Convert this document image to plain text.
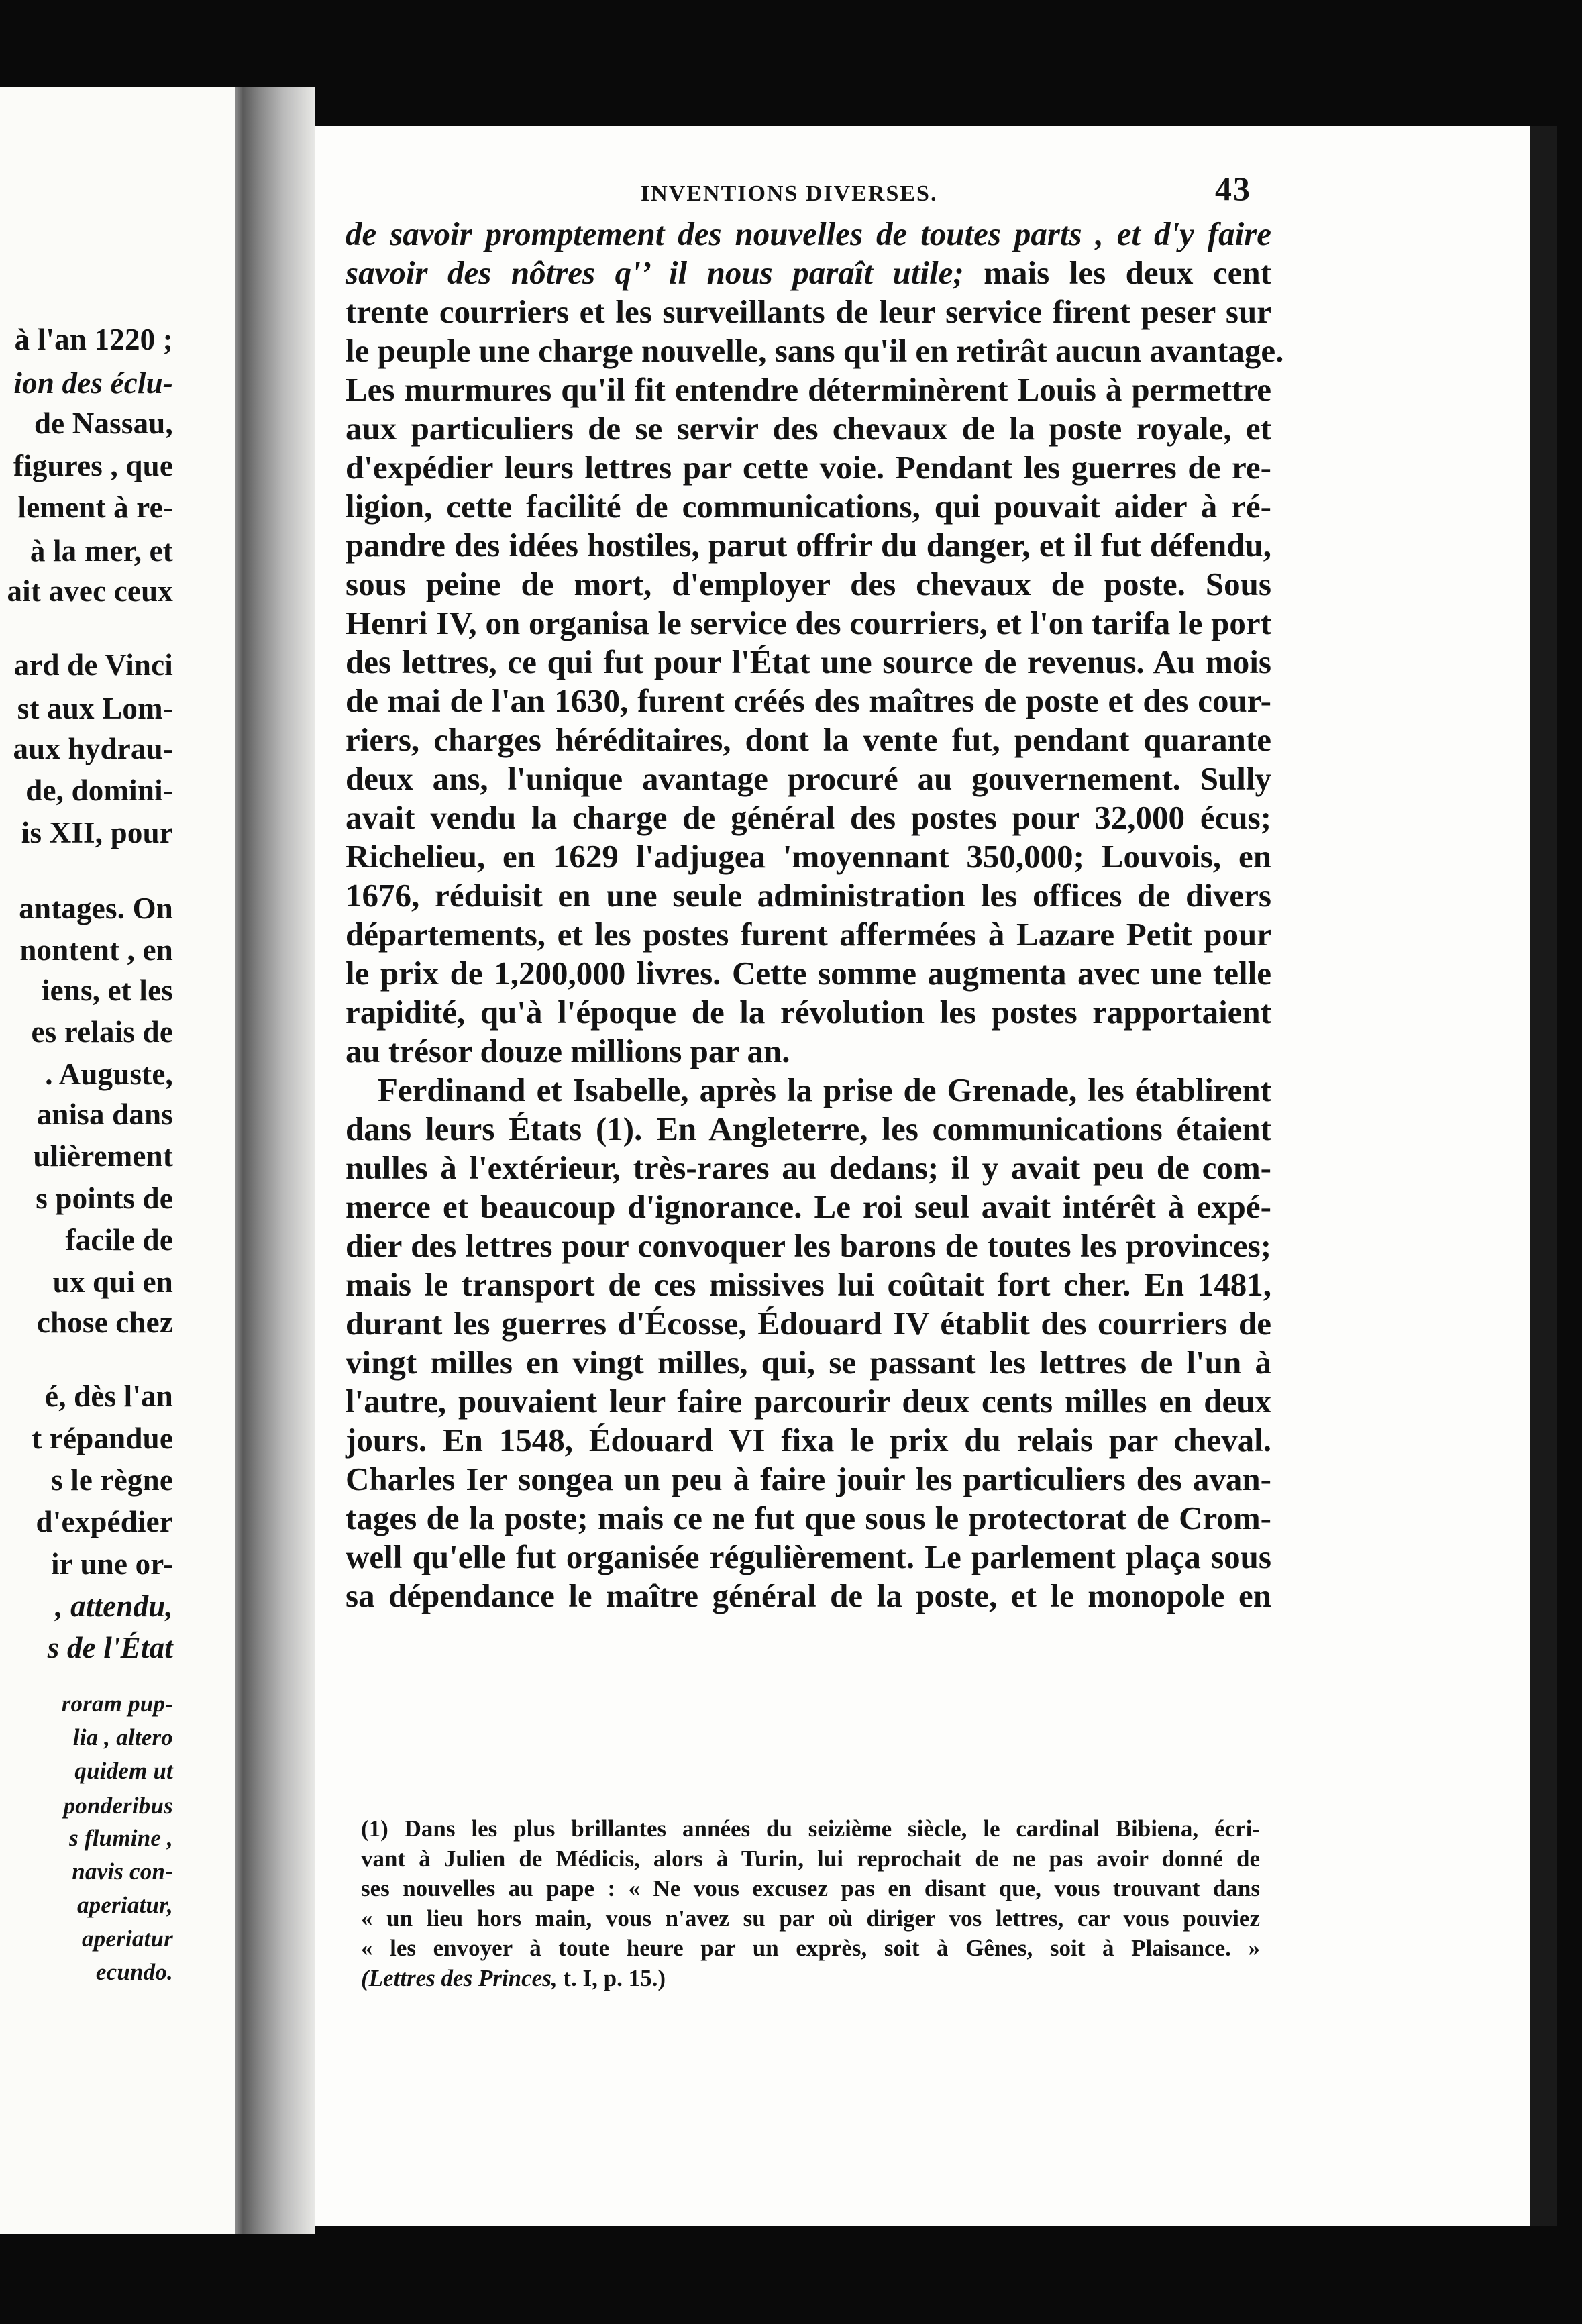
à l'an 1220 ;
ion des éclu-
de Nassau,
figures , que
lement à re-
à la mer, et
ait avec ceux
ard de Vinci
st aux Lom-
aux hydrau-
de, domini-
is XII, pour
antages. On
nontent , en
iens, et les
es relais de
. Auguste,
anisa dans
ulièrement
s points de
facile de
ux qui en
chose chez
é, dès l'an
t répandue
s le règne
d'expédier
ir une or-
, attendu,
s de l'État
roram pup-
lia , altero
quidem ut
ponderibus
s flumine ,
navis con-
aperiatur,
aperiatur
ecundo.
INVENTIONS DIVERSES.	43
de savoir promptement des nouvelles de toutes parts , et d'y faire
savoir des nôtres q'’ il nous paraît utile; mais les deux cent
trente courriers et les surveillants de leur service firent peser sur
le peuple une charge nouvelle, sans qu'il en retirât aucun avantage.
Les murmures qu'il fit entendre déterminèrent Louis à permettre
aux particuliers de se servir des chevaux de la poste royale, et
d'expédier leurs lettres par cette voie. Pendant les guerres de re-
ligion, cette facilité de communications, qui pouvait aider à ré-
pandre des idées hostiles, parut offrir du danger, et il fut défendu,
sous peine de mort, d'employer des chevaux de poste. Sous
Henri IV, on organisa le service des courriers, et l'on tarifa le port
des lettres, ce qui fut pour l'État une source de revenus. Au mois
de mai de l'an 1630, furent créés des maîtres de poste et des cour-
riers, charges héréditaires, dont la vente fut, pendant quarante
deux ans, l'unique avantage procuré au gouvernement. Sully
avait vendu la charge de général des postes pour 32,000 écus;
Richelieu, en 1629 l'adjugea 'moyennant 350,000; Louvois, en
1676, réduisit en une seule administration les offices de divers
départements, et les postes furent affermées à Lazare Petit pour
le prix de 1,200,000 livres. Cette somme augmenta avec une telle
rapidité, qu'à l'époque de la révolution les postes rapportaient
au trésor douze millions par an.
Ferdinand et Isabelle, après la prise de Grenade, les établirent
dans leurs États (1). En Angleterre, les communications étaient
nulles à l'extérieur, très-rares au dedans; il y avait peu de com-
merce et beaucoup d'ignorance. Le roi seul avait intérêt à expé-
dier des lettres pour convoquer les barons de toutes les provinces;
mais le transport de ces missives lui coûtait fort cher. En 1481,
durant les guerres d'Écosse, Édouard IV établit des courriers de
vingt milles en vingt milles, qui, se passant les lettres de l'un à
l'autre, pouvaient leur faire parcourir deux cents milles en deux
jours. En 1548, Édouard VI fixa le prix du relais par cheval.
Charles Ier songea un peu à faire jouir les particuliers des avan-
tages de la poste; mais ce ne fut que sous le protectorat de Crom-
well qu'elle fut organisée régulièrement. Le parlement plaça sous
sa dépendance le maître général de la poste, et le monopole en
(1) Dans les plus brillantes années du seizième siècle, le cardinal Bibiena, écri-
vant à Julien de Médicis, alors à Turin, lui reprochait de ne pas avoir donné de
ses nouvelles au pape : « Ne vous excusez pas en disant que, vous trouvant dans
« un lieu hors main, vous n'avez su par où diriger vos lettres, car vous pouviez
« les envoyer à toute heure par un exprès, soit à Gênes, soit à Plaisance. »
(Lettres des Princes, t. I, p. 15.)
